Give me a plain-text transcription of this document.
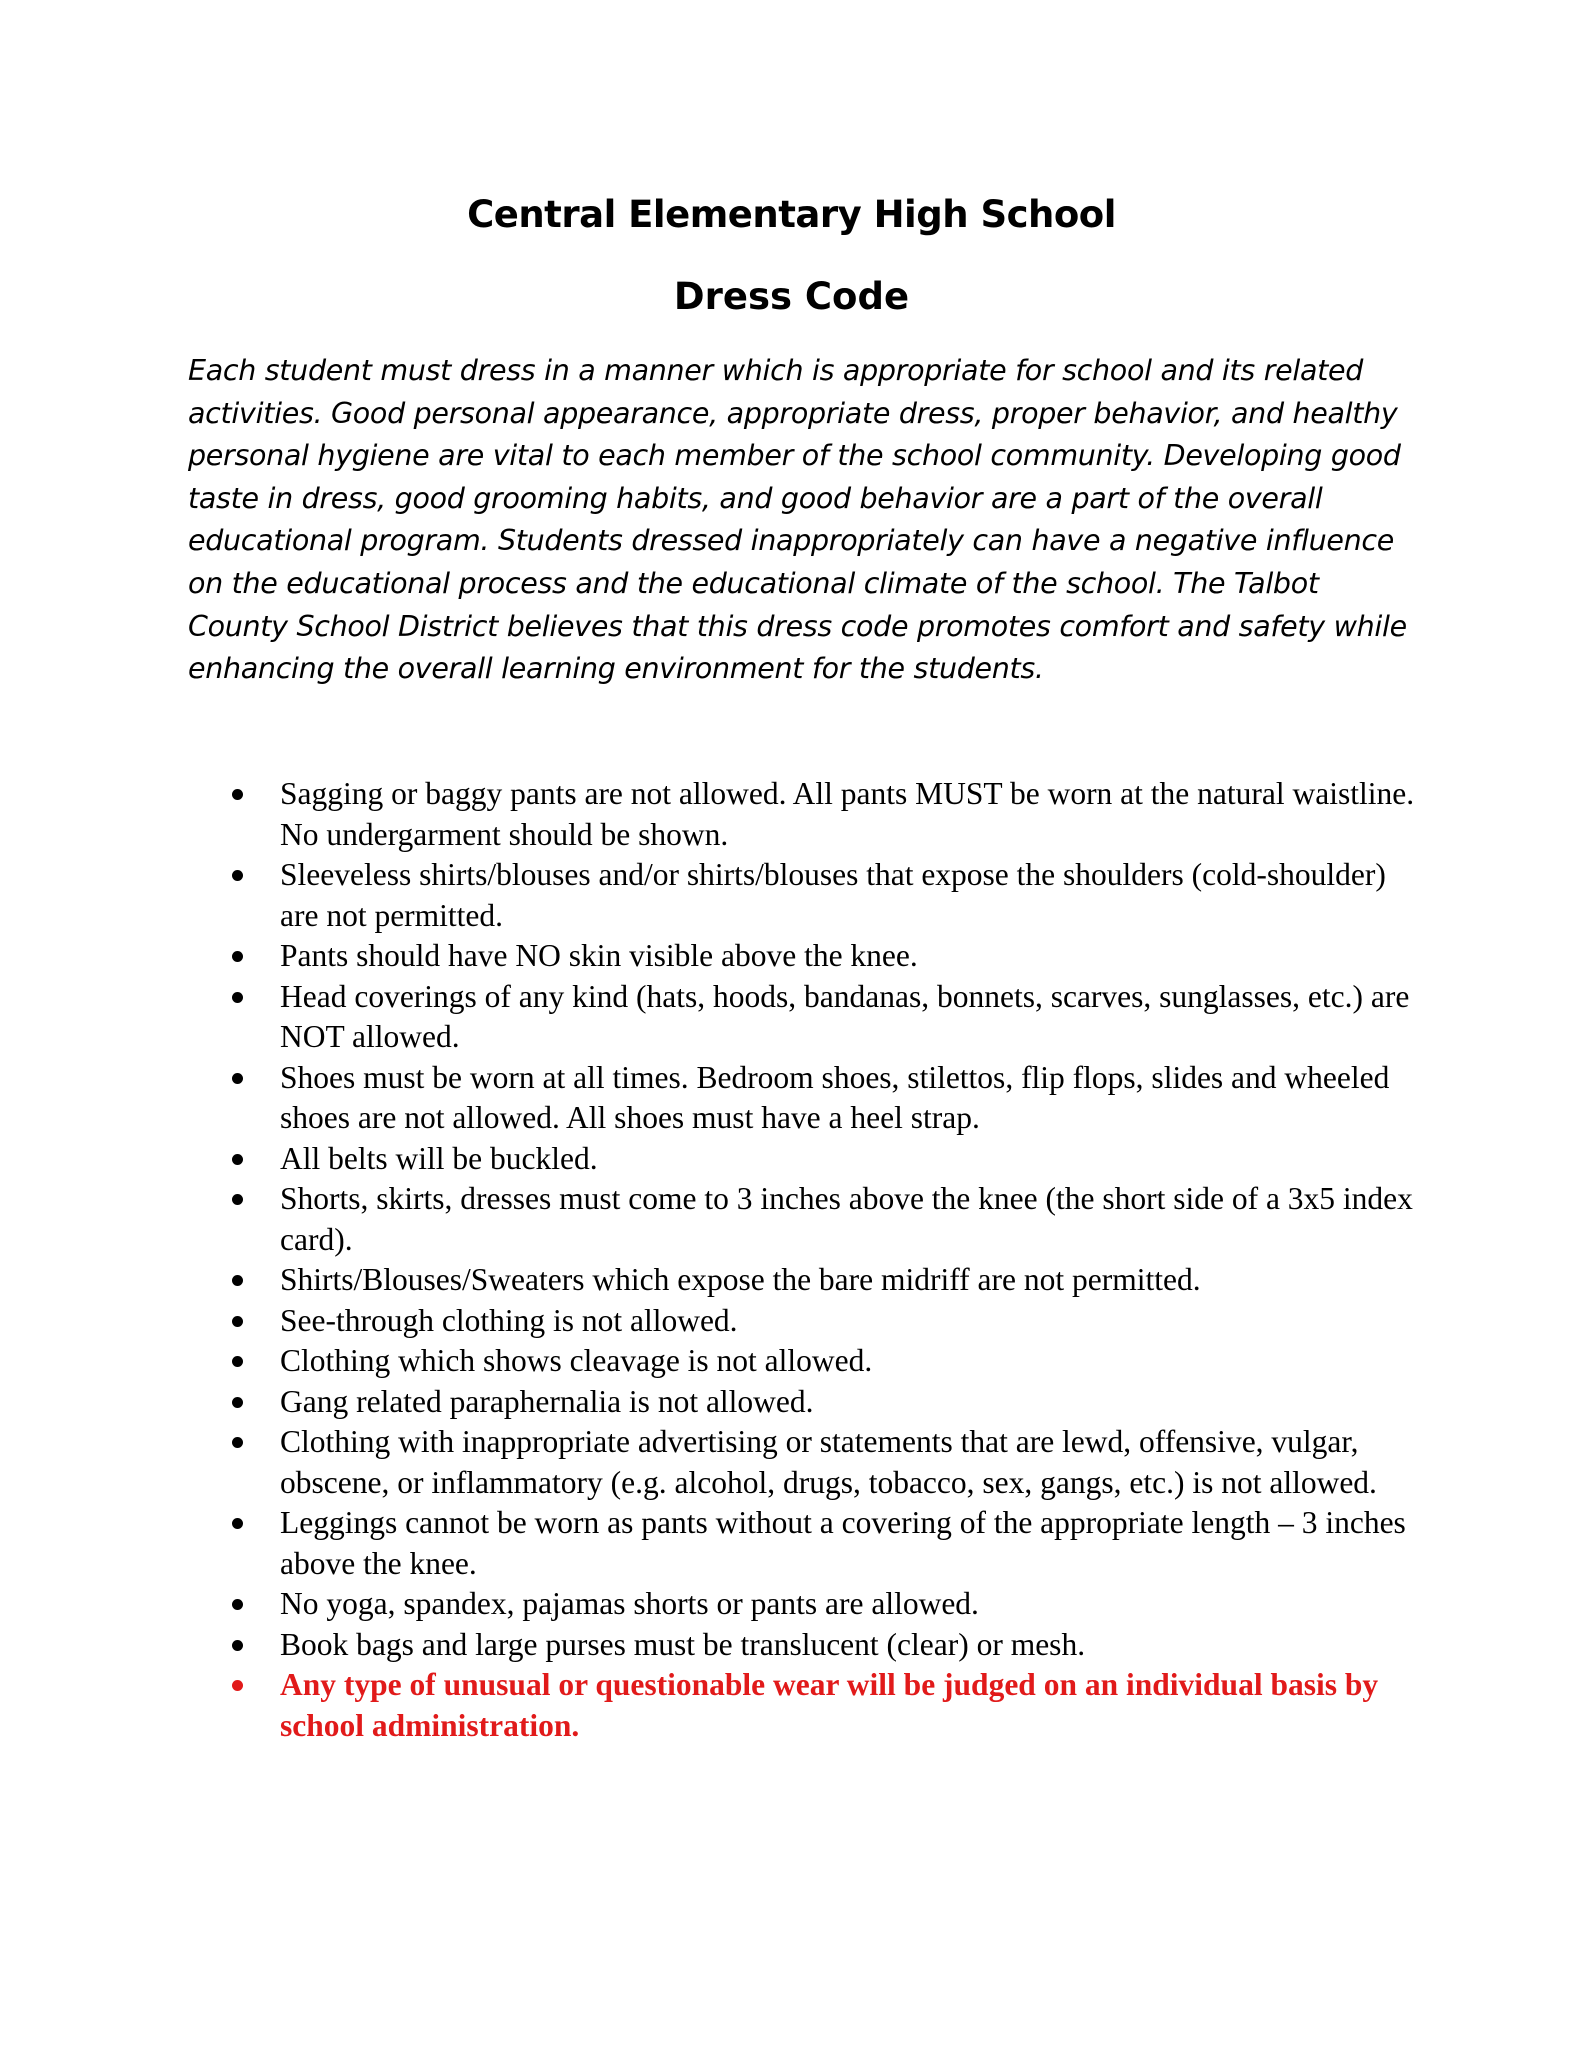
Central Elementary High School
Dress Code

Each student must dress in a manner which is appropriate for school and its related activities. Good personal appearance, appropriate dress, proper behavior, and healthy personal hygiene are vital to each member of the school community. Developing good taste in dress, good grooming habits, and good behavior are a part of the overall educational program. Students dressed inappropriately can have a negative influence on the educational process and the educational climate of the school. The Talbot County School District believes that this dress code promotes comfort and safety while enhancing the overall learning environment for the students.

Sagging or baggy pants are not allowed. All pants MUST be worn at the natural waistline. No undergarment should be shown.
Sleeveless shirts/blouses and/or shirts/blouses that expose the shoulders (cold-shoulder) are not permitted.
Pants should have NO skin visible above the knee.
Head coverings of any kind (hats, hoods, bandanas, bonnets, scarves, sunglasses, etc.) are NOT allowed.
Shoes must be worn at all times. Bedroom shoes, stilettos, flip flops, slides and wheeled shoes are not allowed. All shoes must have a heel strap.
All belts will be buckled.
Shorts, skirts, dresses must come to 3 inches above the knee (the short side of a 3x5 index card).
Shirts/Blouses/Sweaters which expose the bare midriff are not permitted.
See-through clothing is not allowed.
Clothing which shows cleavage is not allowed.
Gang related paraphernalia is not allowed.
Clothing with inappropriate advertising or statements that are lewd, offensive, vulgar, obscene, or inflammatory (e.g. alcohol, drugs, tobacco, sex, gangs, etc.) is not allowed.
Leggings cannot be worn as pants without a covering of the appropriate length – 3 inches above the knee.
No yoga, spandex, pajamas shorts or pants are allowed.
Book bags and large purses must be translucent (clear) or mesh.
Any type of unusual or questionable wear will be judged on an individual basis by school administration.
